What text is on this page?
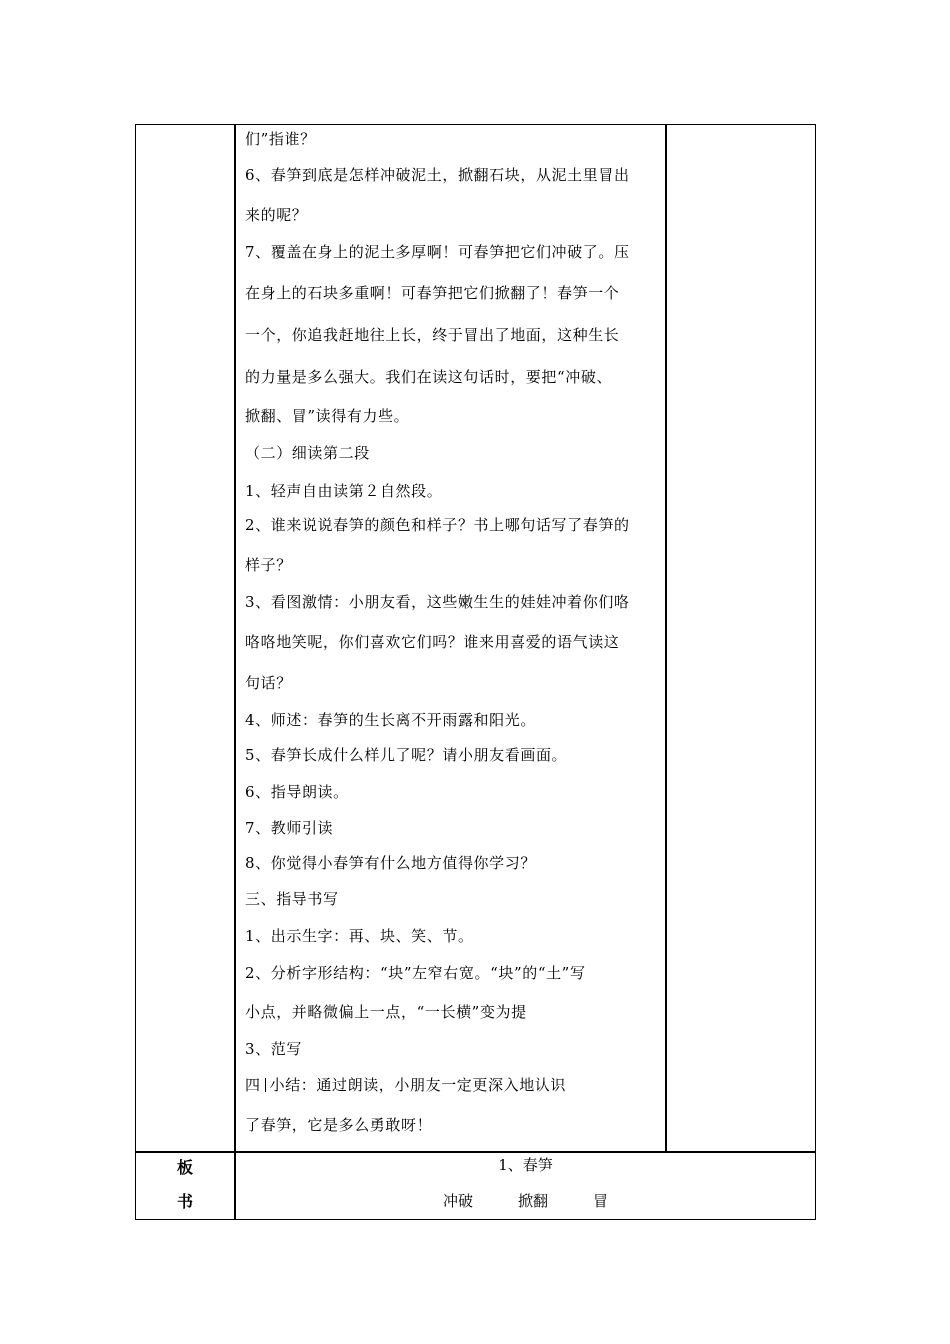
们”指谁？
6、春笋到底是怎样冲破泥土，掀翻石块，从泥土里冒出
来的呢？
7、覆盖在身上的泥土多厚啊！可春笋把它们冲破了。压
在身上的石块多重啊！可春笋把它们掀翻了！春笋一个
一个，你追我赶地往上长，终于冒出了地面，这种生长
的力量是多么强大。我们在读这句话时，要把“冲破、
掀翻、冒”读得有力些。
（二）细读第二段
1、轻声自由读第２自然段。
2、谁来说说春笋的颜色和样子？书上哪句话写了春笋的
样子？
3、看图激情：小朋友看，这些嫩生生的娃娃冲着你们咯
咯咯地笑呢，你们喜欢它们吗？谁来用喜爱的语气读这
句话？
4、师述：春笋的生长离不开雨露和阳光。
5、春笋长成什么样儿了呢？请小朋友看画面。
6、指导朗读。
7、教师引读
8、你觉得小春笋有什么地方值得你学习？
三、指导书写
1、出示生字：再、块、笑、节。
2、分析字形结构：“块”左窄右宽。“块”的“土”写
小点，并略微偏上一点，“一长横”变为提
3、范写
四 小结：通过朗读，小朋友一定更深入地认识
了春笋，它是多么勇敢呀！
板
书
1、春笋
冲破	掀翻	冒
